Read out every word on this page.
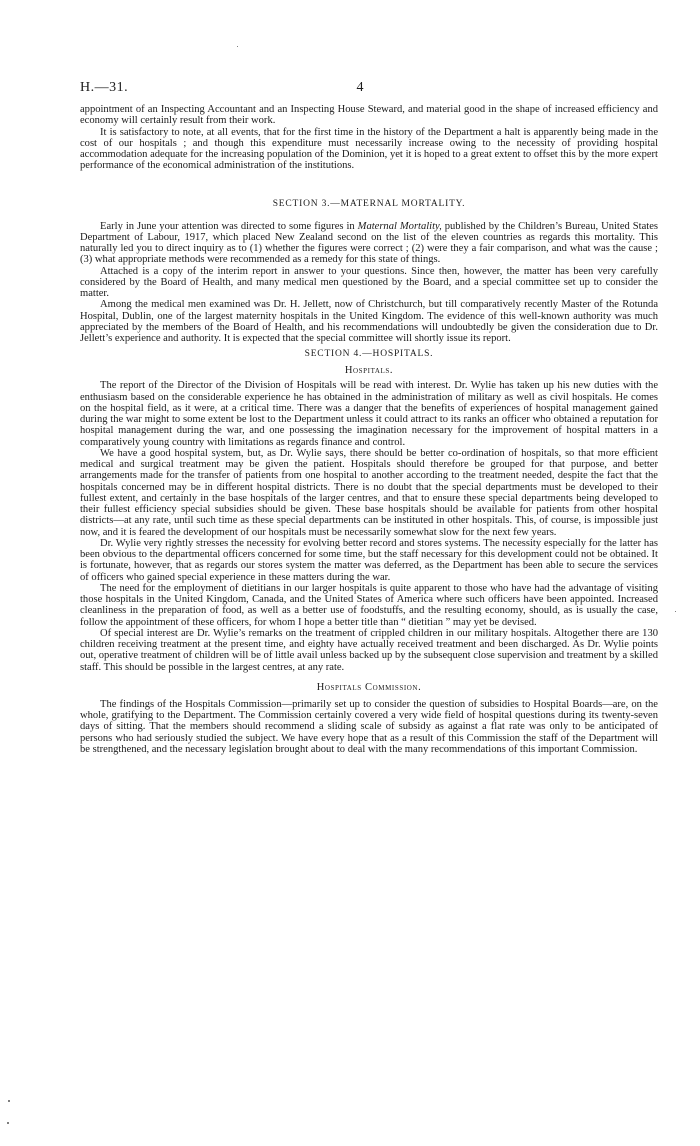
H.—31.	4

appointment of an Inspecting Accountant and an Inspecting House Steward, and material good in the shape of increased efficiency and economy will certainly result from their work.

It is satisfactory to note, at all events, that for the first time in the history of the Department a halt is apparently being made in the cost of our hospitals ; and though this expenditure must necessarily increase owing to the necessity of providing hospital accommodation adequate for the increasing population of the Dominion, yet it is hoped to a great extent to offset this by the more expert performance of the economical administration of the institutions.

SECTION 3.—MATERNAL MORTALITY.

Early in June your attention was directed to some figures in Maternal Mortality, published by the Children’s Bureau, United States Department of Labour, 1917, which placed New Zealand second on the list of the eleven countries as regards this mortality. This naturally led you to direct inquiry as to (1) whether the figures were correct ; (2) were they a fair comparison, and what was the cause ; (3) what appropriate methods were recommended as a remedy for this state of things.

Attached is a copy of the interim report in answer to your questions. Since then, however, the matter has been very carefully considered by the Board of Health, and many medical men questioned by the Board, and a special committee set up to consider the matter.

Among the medical men examined was Dr. H. Jellett, now of Christchurch, but till comparatively recently Master of the Rotunda Hospital, Dublin, one of the largest maternity hospitals in the United Kingdom. The evidence of this well-known authority was much appreciated by the members of the Board of Health, and his recommendations will undoubtedly be given the consideration due to Dr. Jellett’s experience and authority. It is expected that the special committee will shortly issue its report.

SECTION 4.—HOSPITALS.
Hospitals.

The report of the Director of the Division of Hospitals will be read with interest. Dr. Wylie has taken up his new duties with the enthusiasm based on the considerable experience he has obtained in the administration of military as well as civil hospitals. He comes on the hospital field, as it were, at a critical time. There was a danger that the benefits of experiences of hospital management gained during the war might to some extent be lost to the Department unless it could attract to its ranks an officer who obtained a reputation for hospital management during the war, and one possessing the imagination necessary for the improvement of hospital matters in a comparatively young country with limitations as regards finance and control.

We have a good hospital system, but, as Dr. Wylie says, there should be better co-ordination of hospitals, so that more efficient medical and surgical treatment may be given the patient. Hospitals should therefore be grouped for that purpose, and better arrangements made for the transfer of patients from one hospital to another according to the treatment needed, despite the fact that the hospitals concerned may be in different hospital districts. There is no doubt that the special departments must be developed to their fullest extent, and certainly in the base hospitals of the larger centres, and that to ensure these special departments being developed to their fullest efficiency special subsidies should be given. These base hospitals should be available for patients from other hospital districts—at any rate, until such time as these special departments can be instituted in other hospitals. This, of course, is impossible just now, and it is feared the development of our hospitals must be necessarily somewhat slow for the next few years.

Dr. Wylie very rightly stresses the necessity for evolving better record and stores systems. The necessity especially for the latter has been obvious to the departmental officers concerned for some time, but the staff necessary for this development could not be obtained. It is fortunate, however, that as regards our stores system the matter was deferred, as the Department has been able to secure the services of officers who gained special experience in these matters during the war.

The need for the employment of dietitians in our larger hospitals is quite apparent to those who have had the advantage of visiting those hospitals in the United Kingdom, Canada, and the United States of America where such officers have been appointed. Increased cleanliness in the preparation of food, as well as a better use of foodstuffs, and the resulting economy, should, as is usually the case, follow the appointment of these officers, for whom I hope a better title than “ dietitian ” may yet be devised.

Of special interest are Dr. Wylie’s remarks on the treatment of crippled children in our military hospitals. Altogether there are 130 children receiving treatment at the present time, and eighty have actually received treatment and been discharged. As Dr. Wylie points out, operative treatment of children will be of little avail unless backed up by the subsequent close supervision and treatment by a skilled staff. This should be possible in the largest centres, at any rate.

Hospitals Commission.

The findings of the Hospitals Commission—primarily set up to consider the question of subsidies to Hospital Boards—are, on the whole, gratifying to the Department. The Commission certainly covered a very wide field of hospital questions during its twenty-seven days of sitting. That the members should recommend a sliding scale of subsidy as against a flat rate was only to be anticipated of persons who had seriously studied the subject. We have every hope that as a result of this Commission the staff of the Department will be strengthened, and the necessary legislation brought about to deal with the many recommendations of this important Commission.
